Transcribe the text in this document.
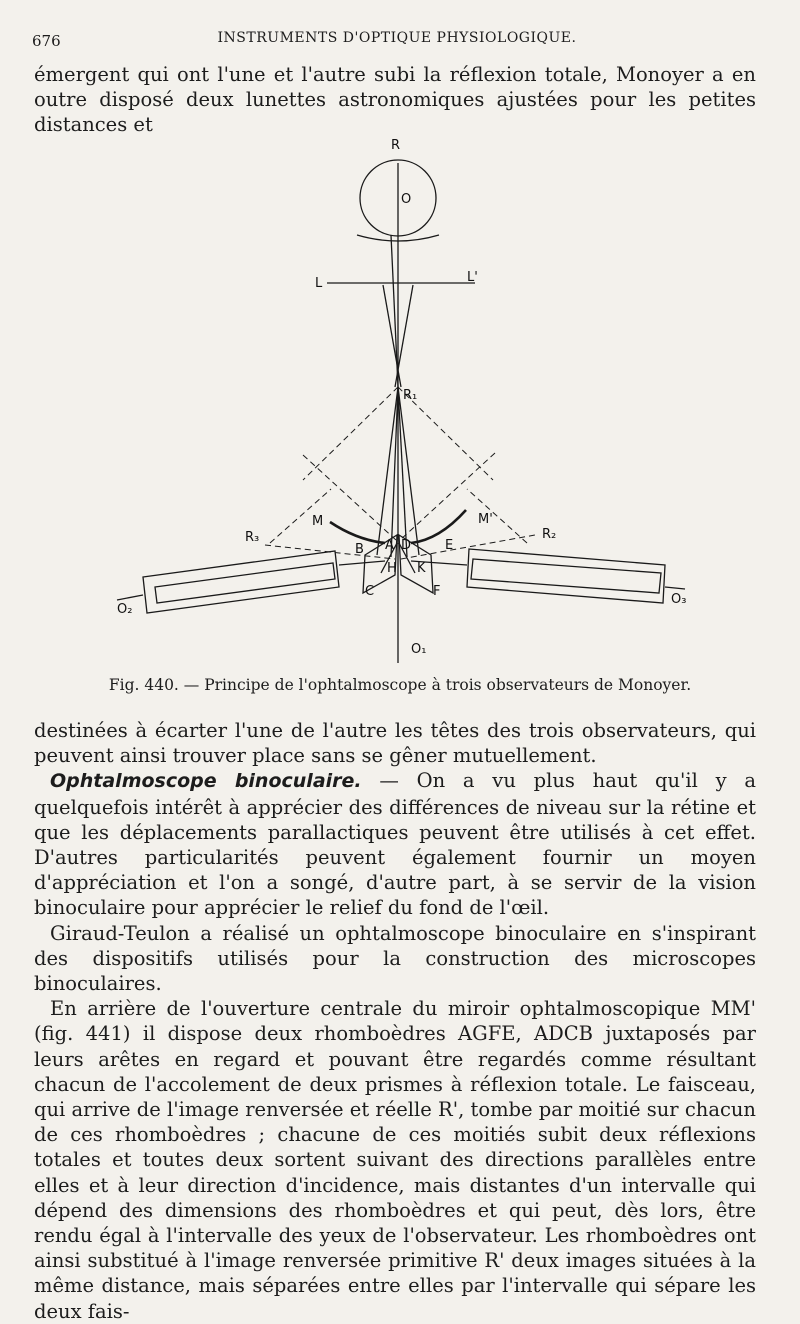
676	INSTRUMENTS D'OPTIQUE PHYSIOLOGIQUE.

émergent qui ont l'une et l'autre subi la réflexion totale, Monoyer a en outre disposé deux lunettes astronomiques ajustées pour les petites distances et

R
O
L	L'
R₁
R₂
R₃
M	M'
A
B	D	E
H K
C	F
O₁
O₂
O₃
Fig. 440. — Principe de l'ophtalmoscope à trois observateurs de Monoyer.

destinées à écarter l'une de l'autre les têtes des trois observateurs, qui peuvent ainsi trouver place sans se gêner mutuellement.

Ophtalmoscope binoculaire. — On a vu plus haut qu'il y a quelquefois intérêt à apprécier des différences de niveau sur la rétine et que les déplacements parallactiques peuvent être utilisés à cet effet. D'autres particularités peuvent également fournir un moyen d'appréciation et l'on a songé, d'autre part, à se servir de la vision binoculaire pour apprécier le relief du fond de l'œil.

Giraud-Teulon a réalisé un ophtalmoscope binoculaire en s'inspirant des dispositifs utilisés pour la construction des microscopes binoculaires.

En arrière de l'ouverture centrale du miroir ophtalmoscopique MM' (fig. 441) il dispose deux rhomboèdres AGFE, ADCB juxtaposés par leurs arêtes en regard et pouvant être regardés comme résultant chacun de l'accolement de deux prismes à réflexion totale. Le faisceau, qui arrive de l'image renversée et réelle R', tombe par moitié sur chacun de ces rhomboèdres ; chacune de ces moitiés subit deux réflexions totales et toutes deux sortent suivant des directions parallèles entre elles et à leur direction d'incidence, mais distantes d'un intervalle qui dépend des dimensions des rhomboèdres et qui peut, dès lors, être rendu égal à l'intervalle des yeux de l'observateur. Les rhomboèdres ont ainsi substitué à l'image renversée primitive R' deux images situées à la même distance, mais séparées entre elles par l'intervalle qui sépare les deux fais-
